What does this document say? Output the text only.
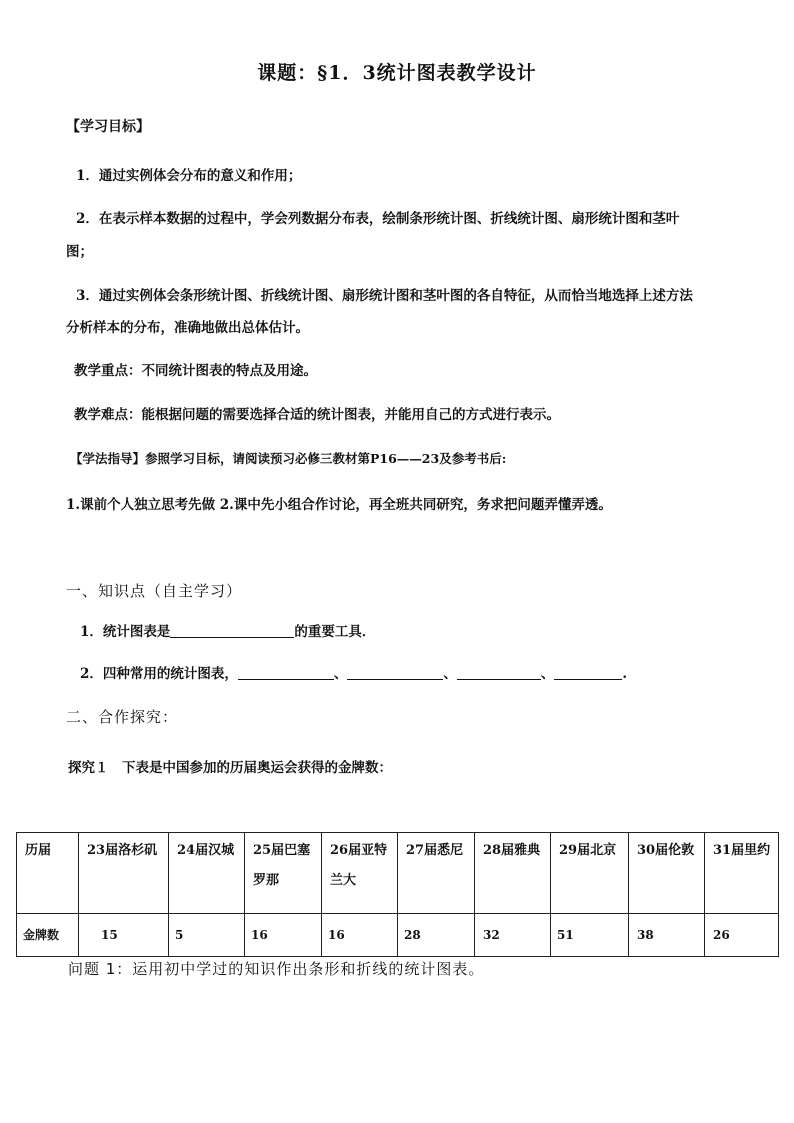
课题：§1．3统计图表教学设计
【学习目标】
1．通过实例体会分布的意义和作用；
2．在表示样本数据的过程中，学会列数据分布表，绘制条形统计图、折线统计图、扇形统计图和茎叶
图；
3．通过实例体会条形统计图、折线统计图、扇形统计图和茎叶图的各自特征，从而恰当地选择上述方法
分析样本的分布，准确地做出总体估计。
教学重点：不同统计图表的特点及用途。
教学难点：能根据问题的需要选择合适的统计图表，并能用自己的方式进行表示。
【学法指导】参照学习目标，请阅读预习必修三教材第P16——23及参考书后:
1.课前个人独立思考先做 2.课中先小组合作讨论，再全班共同研究，务求把问题弄懂弄透。
一、知识点（自主学习）
1．统计图表是	的重要工具．
2．四种常用的统计图表，	、	、	、	.
二、合作探究：
探究１　下表是中国参加的历届奥运会获得的金牌数：
历届	23届洛杉矶	24届汉城	25届巴塞罗那	26届亚特兰大	27届悉尼	28届雅典	29届北京	30届伦敦	31届里约
金牌数	15	5	16	16	28	32	51	38	26
问题 1：运用初中学过的知识作出条形和折线的统计图表。
